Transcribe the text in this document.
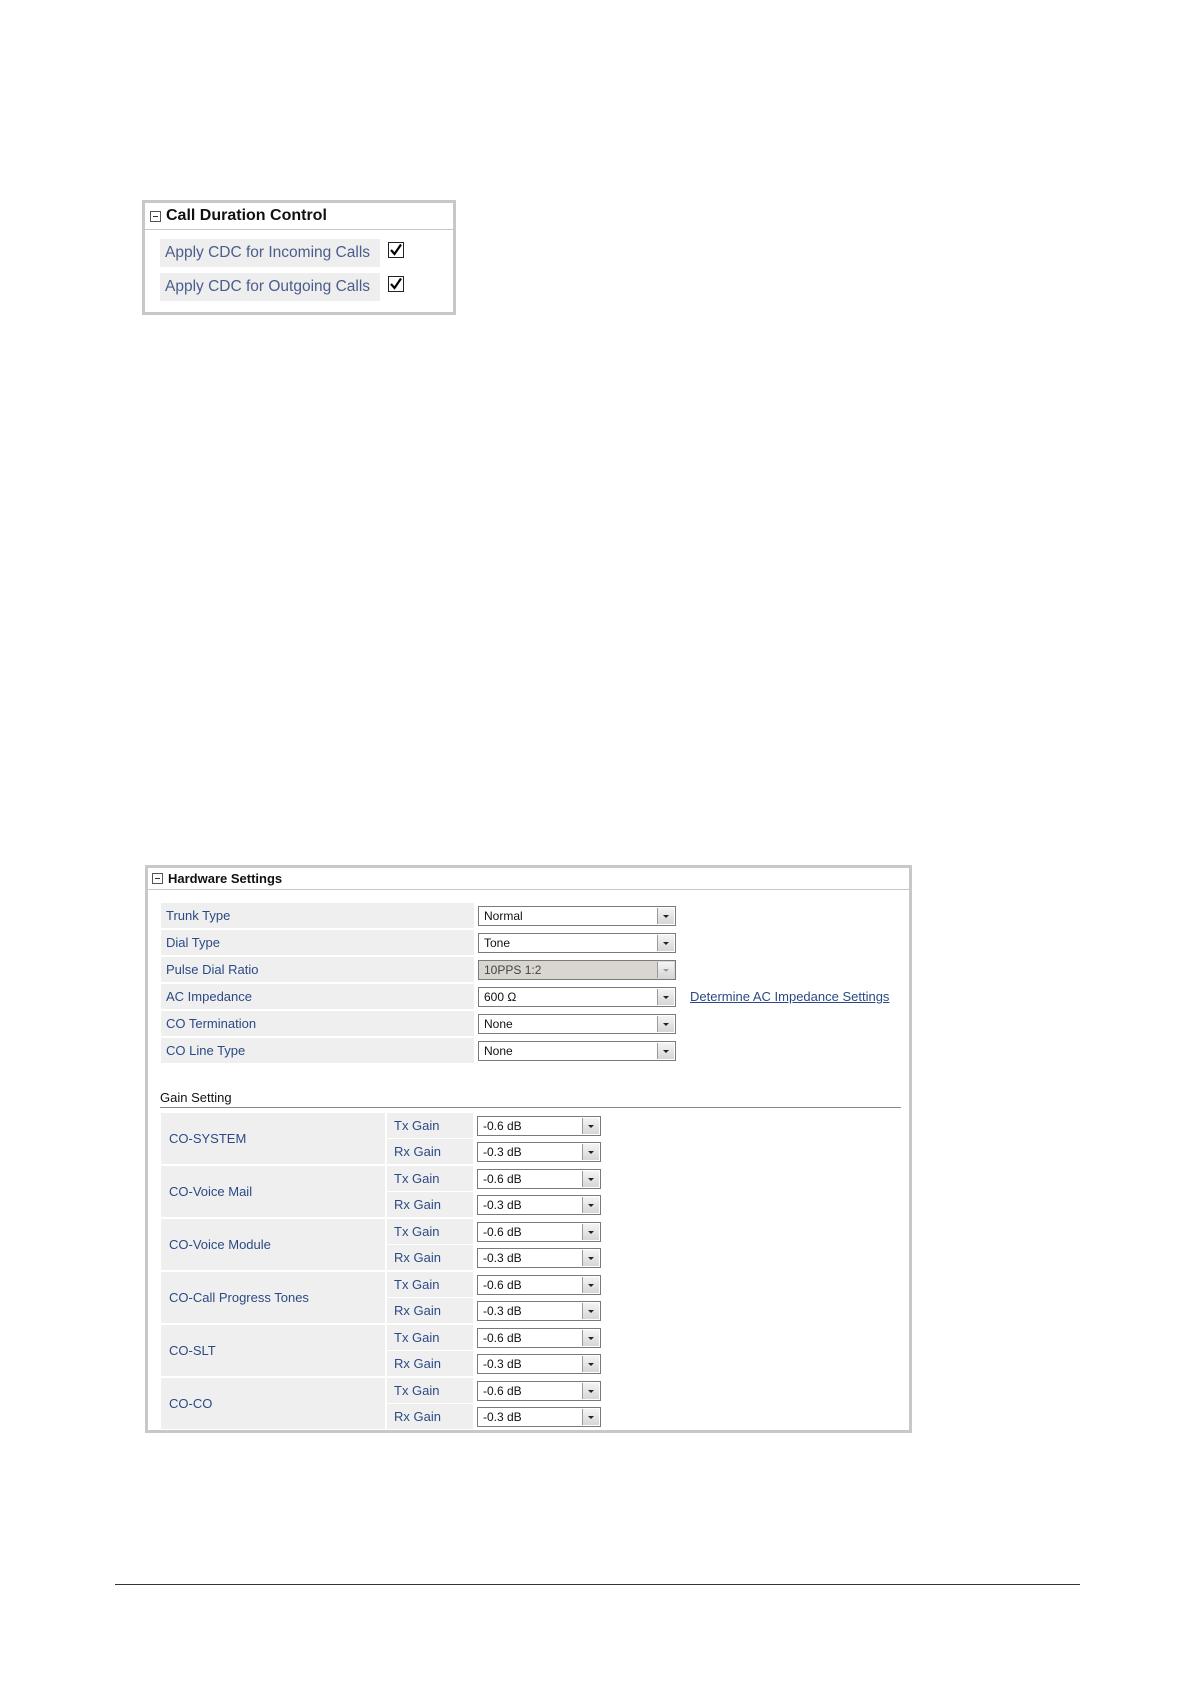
Call Duration Control
Apply CDC for Incoming Calls
Apply CDC for Outgoing Calls
Hardware Settings
Trunk Type	Normal
Dial Type	Tone
Pulse Dial Ratio	10PPS 1:2
AC Impedance	600 Ω	Determine AC Impedance Settings
CO Termination	None
CO Line Type	None
Gain Setting
CO-SYSTEM
Tx Gain	-0.6 dB
Rx Gain	-0.3 dB
CO-Voice Mail
Tx Gain	-0.6 dB
Rx Gain	-0.3 dB
CO-Voice Module
Tx Gain	-0.6 dB
Rx Gain	-0.3 dB
CO-Call Progress Tones
Tx Gain	-0.6 dB
Rx Gain	-0.3 dB
CO-SLT
Tx Gain	-0.6 dB
Rx Gain	-0.3 dB
CO-CO
Tx Gain	-0.6 dB
Rx Gain	-0.3 dB
